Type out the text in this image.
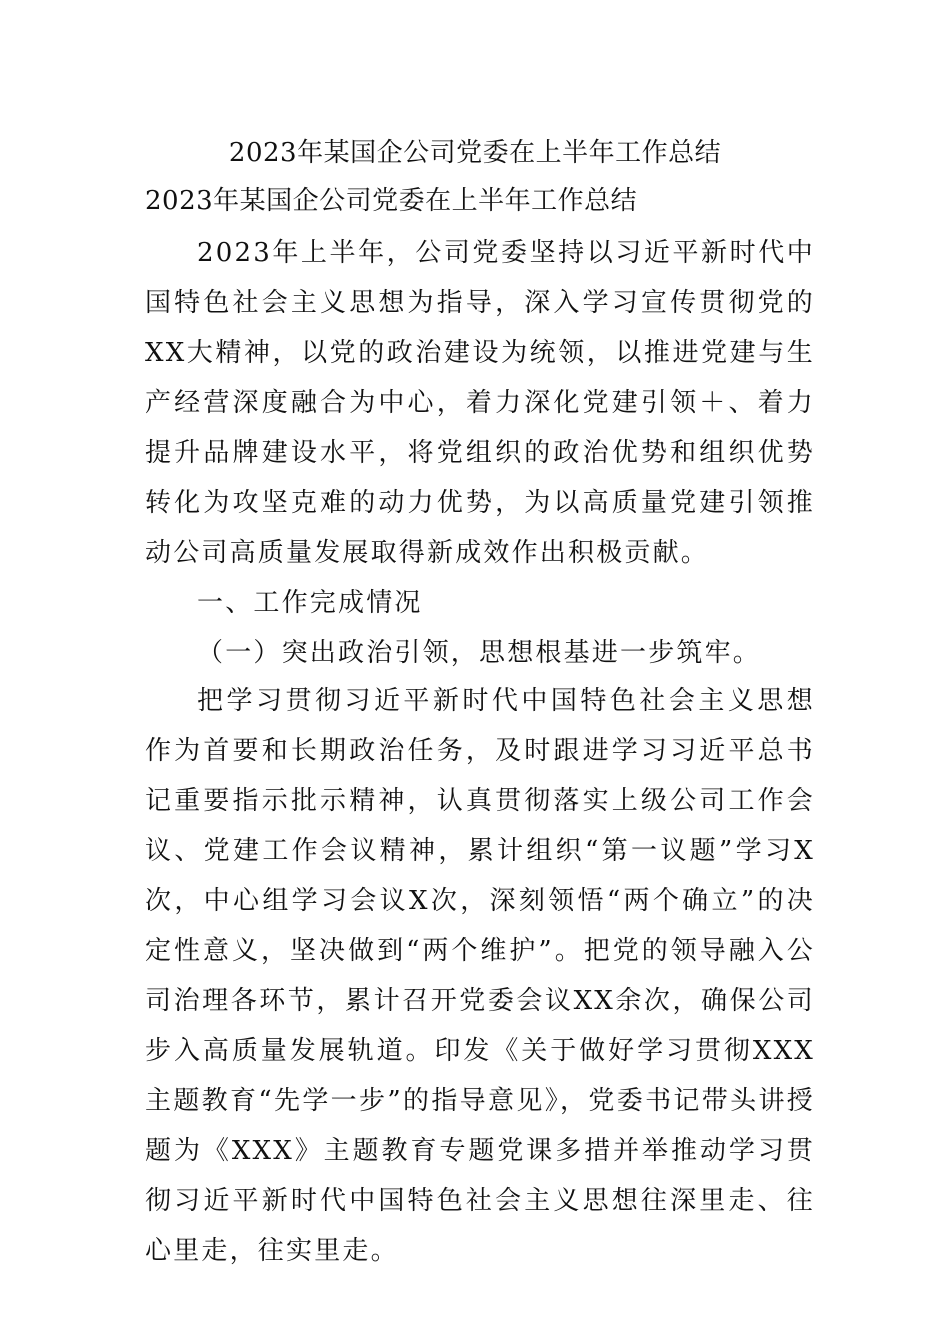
2023年某国企公司党委在上半年工作总结
2023年某国企公司党委在上半年工作总结

2023年上半年，公司党委坚持以习近平新时代中国特色社会主义思想为指导，深入学习宣传贯彻党的XX大精神，以党的政治建设为统领，以推进党建与生产经营深度融合为中心，着力深化党建引领＋、着力提升品牌建设水平，将党组织的政治优势和组织优势转化为攻坚克难的动力优势，为以高质量党建引领推动公司高质量发展取得新成效作出积极贡献。

一、工作完成情况

（一）突出政治引领，思想根基进一步筑牢。

把学习贯彻习近平新时代中国特色社会主义思想作为首要和长期政治任务，及时跟进学习习近平总书记重要指示批示精神，认真贯彻落实上级公司工作会议、党建工作会议精神，累计组织“第一议题”学习X次，中心组学习会议X次，深刻领悟“两个确立”的决定性意义，坚决做到“两个维护”。把党的领导融入公司治理各环节，累计召开党委会议XX余次，确保公司步入高质量发展轨道。印发《关于做好学习贯彻XXX主题教育“先学一步”的指导意见》，党委书记带头讲授题为《XXX》主题教育专题党课多措并举推动学习贯彻习近平新时代中国特色社会主义思想往深里走、往心里走，往实里走。
